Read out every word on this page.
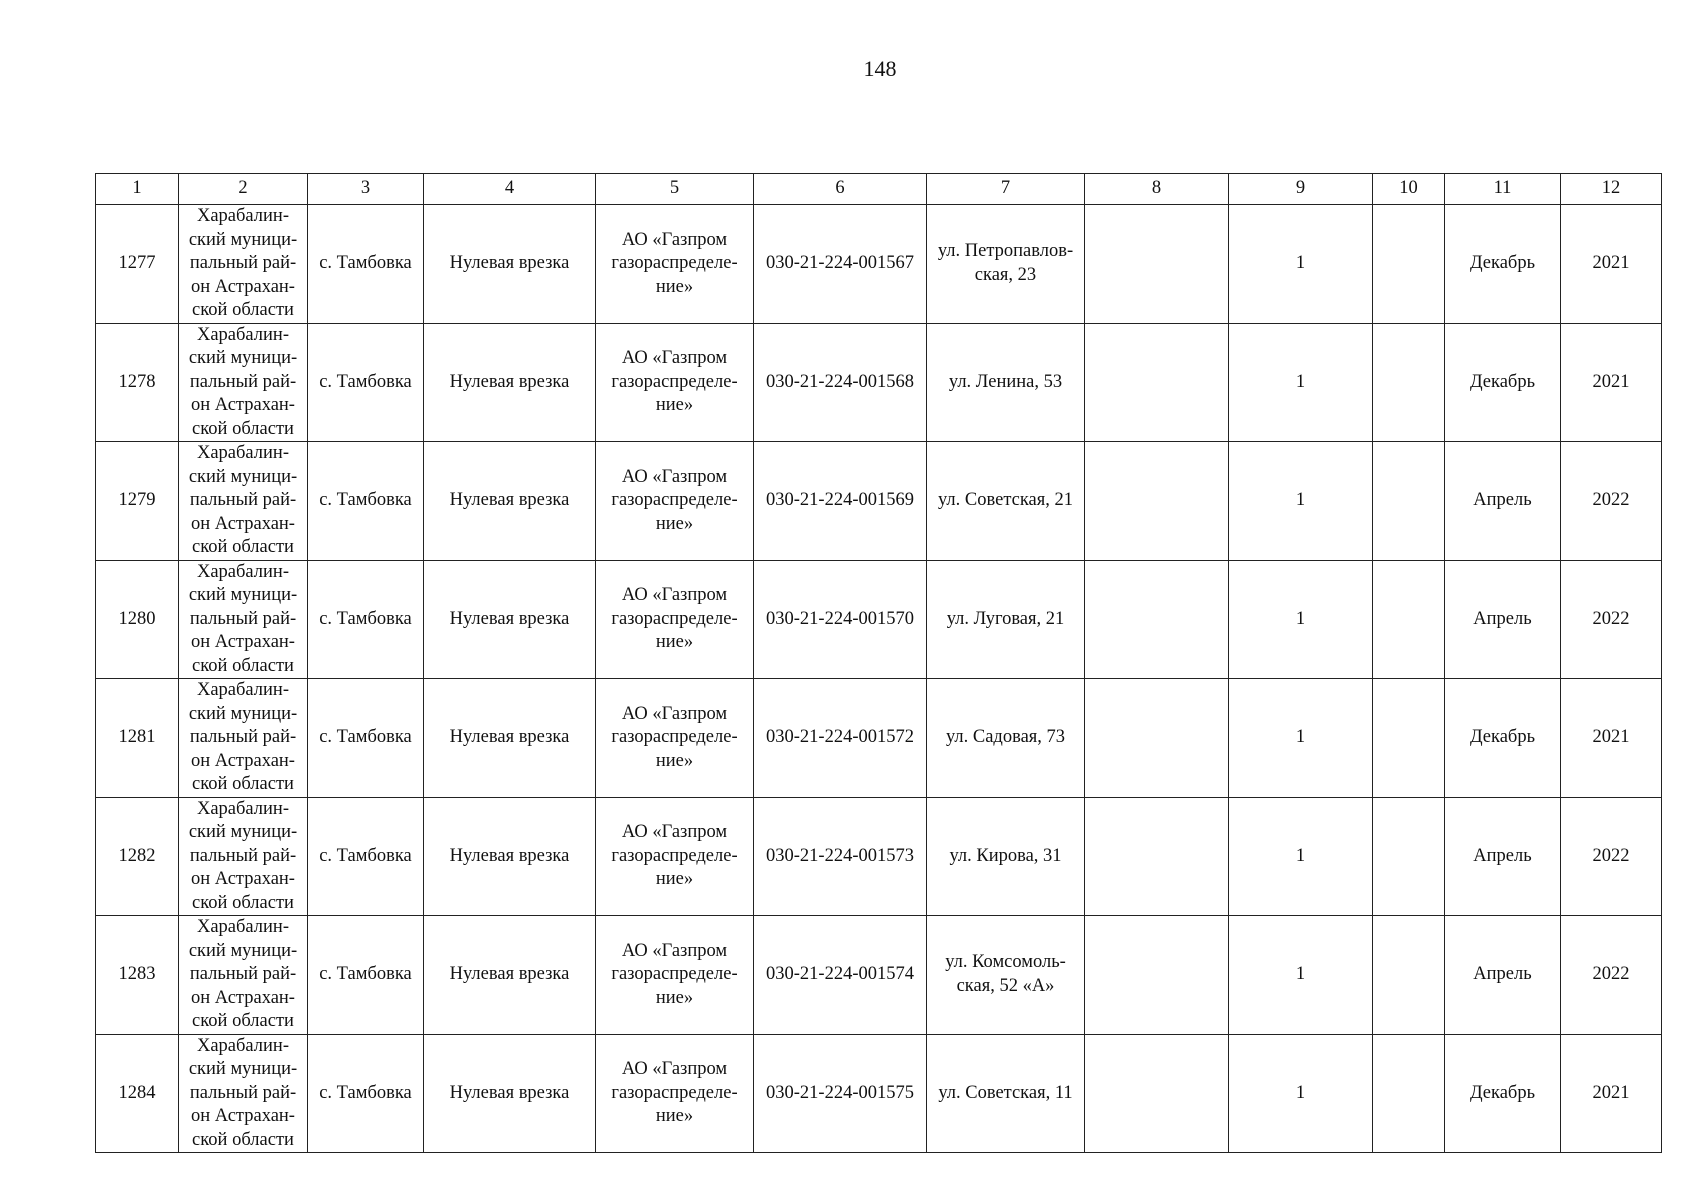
148
1	2	3	4	5	6	7	8	9	10	11	12
1277	Харабалин-
ский муници-
пальный рай-
он Астрахан-
ской области	с. Тамбовка	Нулевая врезка	АО «Газпром
газораспределе-
ние»	030-21-224-001567	ул. Петропавлов-
ская, 23		1		Декабрь	2021
1278	Харабалин-
ский муници-
пальный рай-
он Астрахан-
ской области	с. Тамбовка	Нулевая врезка	АО «Газпром
газораспределе-
ние»	030-21-224-001568	ул. Ленина, 53		1		Декабрь	2021
1279	Харабалин-
ский муници-
пальный рай-
он Астрахан-
ской области	с. Тамбовка	Нулевая врезка	АО «Газпром
газораспределе-
ние»	030-21-224-001569	ул. Советская, 21		1		Апрель	2022
1280	Харабалин-
ский муници-
пальный рай-
он Астрахан-
ской области	с. Тамбовка	Нулевая врезка	АО «Газпром
газораспределе-
ние»	030-21-224-001570	ул. Луговая, 21		1		Апрель	2022
1281	Харабалин-
ский муници-
пальный рай-
он Астрахан-
ской области	с. Тамбовка	Нулевая врезка	АО «Газпром
газораспределе-
ние»	030-21-224-001572	ул. Садовая, 73		1		Декабрь	2021
1282	Харабалин-
ский муници-
пальный рай-
он Астрахан-
ской области	с. Тамбовка	Нулевая врезка	АО «Газпром
газораспределе-
ние»	030-21-224-001573	ул. Кирова, 31		1		Апрель	2022
1283	Харабалин-
ский муници-
пальный рай-
он Астрахан-
ской области	с. Тамбовка	Нулевая врезка	АО «Газпром
газораспределе-
ние»	030-21-224-001574	ул. Комсомоль-
ская, 52 «А»		1		Апрель	2022
1284	Харабалин-
ский муници-
пальный рай-
он Астрахан-
ской области	с. Тамбовка	Нулевая врезка	АО «Газпром
газораспределе-
ние»	030-21-224-001575	ул. Советская, 11		1		Декабрь	2021
